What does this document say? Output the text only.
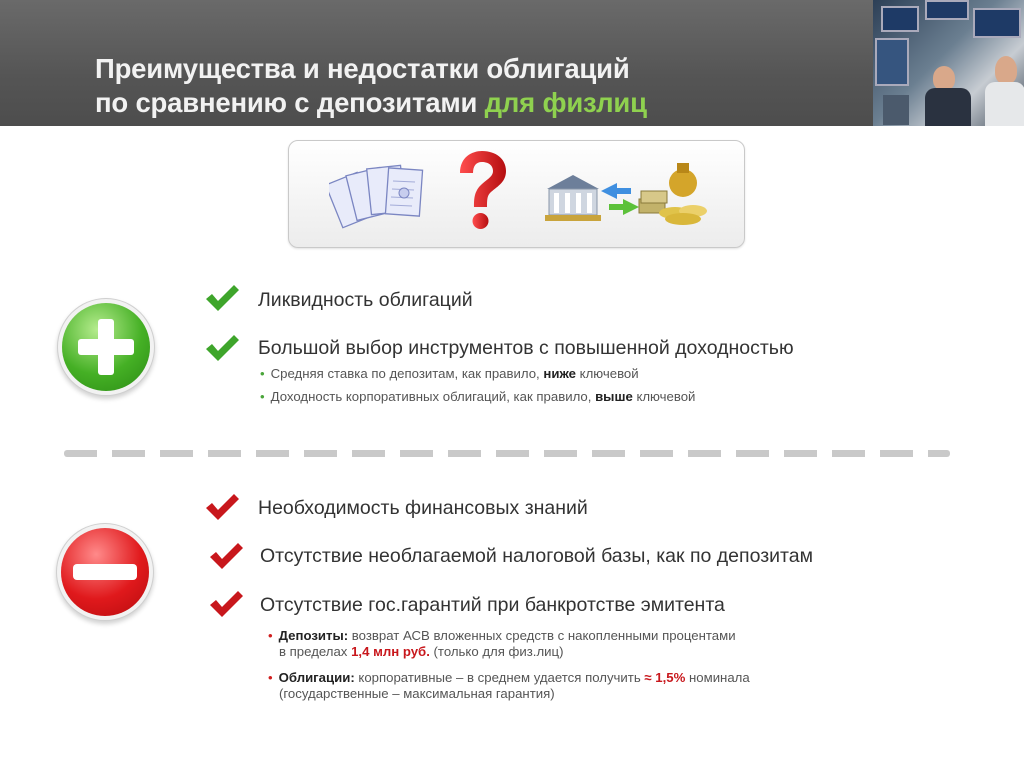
Преимущества и недостатки облигаций
по сравнению с депозитами для физлиц
Ликвидность облигаций
Большой выбор инструментов с повышенной доходностью
• Средняя ставка по депозитам, как правило, ниже ключевой
• Доходность корпоративных облигаций, как правило, выше ключевой
Необходимость финансовых знаний
Отсутствие необлагаемой налоговой базы, как по депозитам
Отсутствие гос.гарантий при банкротстве эмитента
• Депозиты: возврат АСВ вложенных средств с накопленными процентами
в пределах 1,4 млн руб. (только для физ.лиц)
• Облигации: корпоративные – в среднем удается получить ≈ 1,5% номинала
(государственные – максимальная гарантия)
